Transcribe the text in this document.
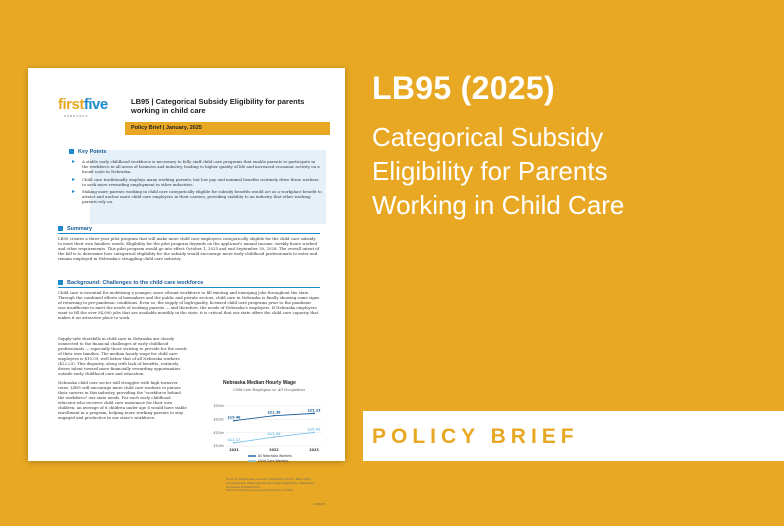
firstfive
NEBRASKA
LB95 | Categorical Subsidy Eligibility for parents working in child care
Policy Brief | January, 2025
Key Points
▸ A stable early childhood workforce is necessary to fully staff child care programs that enable parents to participate in the workforce in all areas of business and industry, leading to higher quality of life and increased economic activity on a broad scale in Nebraska.
▸ Child care traditionally employs many working parents, but low pay and minimal benefits routinely drive these workers to seek more rewarding employment in other industries.
▸ Making more parents working in child care categorically eligible for subsidy benefits would act as a workplace benefit to attract and anchor more child care employees in their careers, providing stability to an industry that other working parents rely on.
Summary

LB95 creates a three-year pilot program that will make more child care employees categorically eligible for the child care subsidy to meet their own families' needs. Eligibility for the pilot program depends on the applicant's annual income, weekly hours worked and other requirements. This pilot program would go into effect October 1, 2025 and end September 30, 2028. The overall intent of the bill is to determine how categorical eligibility for the subsidy would encourage more early childhood professionals to enter and remain employed in Nebraska's struggling child care industry.

Background: Challenges to the child care workforce

Child care is essential for mobilizing a younger, more vibrant workforce to fill existing and emerging jobs throughout the state. Through the combined efforts of lawmakers and the public and private sectors, child care in Nebraska is finally showing some signs of returning to pre-pandemic conditions. Even so, the supply of high-quality, licensed child care programs prior to the pandemic was insufficient to meet the needs of working parents — and therefore, the needs of Nebraska's employers. If Nebraska employers want to fill the over 54,000 jobs that are available monthly in the state, it is critical that our state offers the child care capacity that makes it an attractive place to work.

Supply-side shortfalls in child care in Nebraska are closely connected to the financial challenges of early childhood professionals — especially those striving to provide for the needs of their own families. The median hourly wage for child care employees is $15.09, well below that of all Nebraska workers ($22.23). This disparity, along with lack of benefits, routinely drives talent toward more financially rewarding opportunities outside early childhood care and education.

Nebraska child care sector still struggles with high turnover rates. LB95 will encourage more child care workers to pursue their careers in this industry, providing the "workforce behind the workforce" our state needs. For each early childhood educator who receives child care assistance for their own children, an average of 8 children under age 6 would have stable enrollment in a program, helping more working parents to stay engaged and productive in our state's workforce.

Nebraska Median Hourly Wage
Child Care Employees vs. All Occupations
$25/hr
$20/hr
$15/hr
$10/hr
2021	2022	2023
$19.48
$21.38
$22.23
All Nebraska Workers
$11.17
$13.36
$15.09
Child Care Workers

Source: US Bureau of Labor Statistics (BLS), May 2023 Occupational Employment and Wage Statistics, Nebraska. Accessed 8/2024 from https://www.bls.gov/oes/current/oes_ne.htm

v.1/8/25
LB95 (2025)

Categorical Subsidy Eligibility for Parents Working in Child Care

POLICY BRIEF
